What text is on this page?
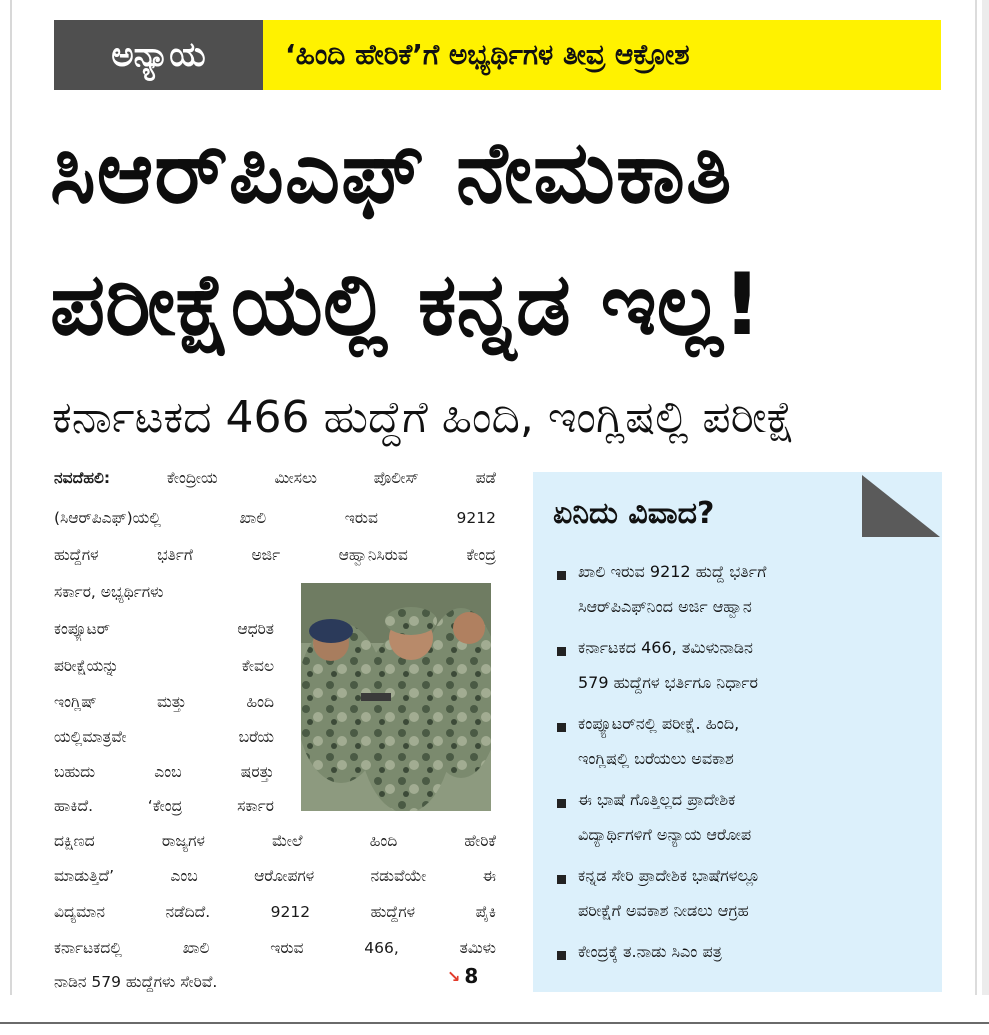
ಅನ್ಯಾಯ	‘ಹಿಂದಿ ಹೇರಿಕೆ’ಗೆ ಅಭ್ಯರ್ಥಿಗಳ ತೀವ್ರ ಆಕ್ರೋಶ
ಸಿಆರ್‌ಪಿಎಫ್ ನೇಮಕಾತಿ
ಪರೀಕ್ಷೆಯಲ್ಲಿ ಕನ್ನಡ ಇಲ್ಲ!
ಕರ್ನಾಟಕದ 466 ಹುದ್ದೆಗೆ ಹಿಂದಿ, ಇಂಗ್ಲಿಷಲ್ಲಿ ಪರೀಕ್ಷೆ
ನವದೆಹಲಿ:	ಕೇಂದ್ರೀಯ ಮೀಸಲು ಪೊಲೀಸ್ ಪಡೆ
(ಸಿಆರ್‌ಪಿಎಫ್)ಯಲ್ಲಿ ಖಾಲಿ ಇರುವ 9212
ಹುದ್ದೆಗಳ ಭರ್ತಿಗೆ ಅರ್ಜಿ ಆಹ್ವಾನಿಸಿರುವ ಕೇಂದ್ರ
ಸರ್ಕಾರ, ಅಭ್ಯರ್ಥಿಗಳು
ಕಂಪ್ಯೂಟರ್ ಆಧರಿತ
ಪರೀಕ್ಷೆಯನ್ನು ಕೇವಲ
ಇಂಗ್ಲಿಷ್ ಮತ್ತು ಹಿಂದಿ
ಯಲ್ಲಿಮಾತ್ರವೇ ಬರೆಯ
ಬಹುದು ಎಂಬ ಷರತ್ತು
ಹಾಕಿದೆ. ‘ಕೇಂದ್ರ ಸರ್ಕಾರ
ದಕ್ಷಿಣದ ರಾಜ್ಯಗಳ ಮೇಲೆ ಹಿಂದಿ ಹೇರಿಕೆ
ಮಾಡುತ್ತಿದೆ’ ಎಂಬ ಆರೋಪಗಳ ನಡುವೆಯೇ ಈ
ವಿದ್ಯಮಾನ ನಡೆದಿದೆ. 9212 ಹುದ್ದೆಗಳ ಪೈಕಿ
ಕರ್ನಾಟಕದಲ್ಲಿ ಖಾಲಿ ಇರುವ 466, ತಮಿಳು
ನಾಡಿನ 579 ಹುದ್ದೆಗಳು ಸೇರಿವೆ.	↘ 8
ಏನಿದು ವಿವಾದ?
ಖಾಲಿ ಇರುವ 9212 ಹುದ್ದೆ ಭರ್ತಿಗೆ
ಸಿಆರ್‌ಪಿಎಫ್‌ನಿಂದ ಅರ್ಜಿ ಆಹ್ವಾನ
ಕರ್ನಾಟಕದ 466, ತಮಿಳುನಾಡಿನ
579 ಹುದ್ದೆಗಳ ಭರ್ತಿಗೂ ನಿರ್ಧಾರ
ಕಂಪ್ಯೂಟರ್‌ನಲ್ಲಿ ಪರೀಕ್ಷೆ. ಹಿಂದಿ,
ಇಂಗ್ಲಿಷಲ್ಲಿ ಬರೆಯಲು ಅವಕಾಶ
ಈ ಭಾಷೆ ಗೊತ್ತಿಲ್ಲದ ಪ್ರಾದೇಶಿಕ
ವಿದ್ಯಾರ್ಥಿಗಳಿಗೆ ಅನ್ಯಾಯ ಆರೋಪ
ಕನ್ನಡ ಸೇರಿ ಪ್ರಾದೇಶಿಕ ಭಾಷೆಗಳಲ್ಲೂ
ಪರೀಕ್ಷೆಗೆ ಅವಕಾಶ ನೀಡಲು ಆಗ್ರಹ
ಕೇಂದ್ರಕ್ಕೆ ತ.ನಾಡು ಸಿಎಂ ಪತ್ರ
